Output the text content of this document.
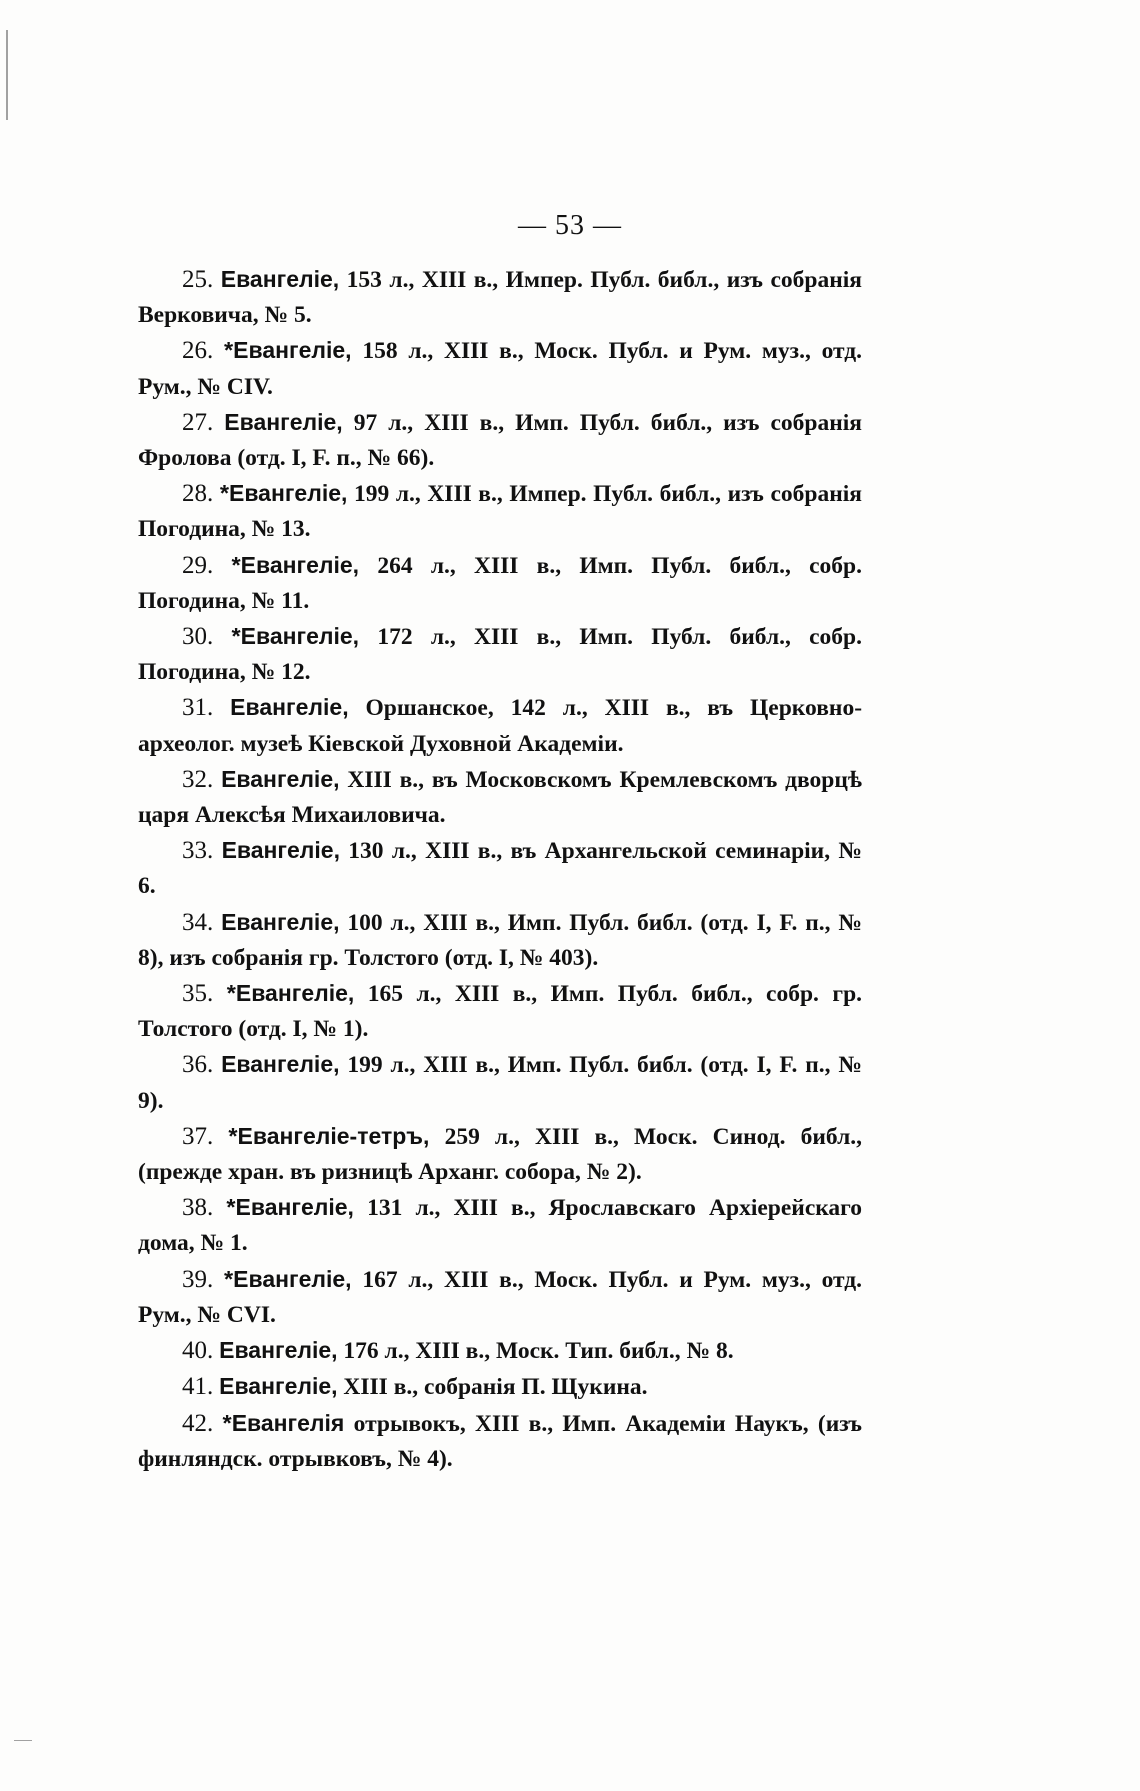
— 53 —

25. Евангеліе, 153 л., XIII в., Импер. Публ. библ., изъ собранія Верковича, № 5.

26. *Евангеліе, 158 л., XIII в., Моск. Публ. и Рум. муз., отд. Рум., № CIV.

27. Евангеліе, 97 л., XIII в., Имп. Публ. библ., изъ собранія Фролова (отд. I, F. п., № 66).

28. *Евангеліе, 199 л., XIII в., Импер. Публ. библ., изъ собранія Погодина, № 13.

29. *Евангеліе, 264 л., XIII в., Имп. Публ. библ., собр. Погодина, № 11.

30. *Евангеліе, 172 л., XIII в., Имп. Публ. библ., собр. Погодина, № 12.

31. Евангеліе, Оршанское, 142 л., XIII в., въ Церковно-археолог. музеѣ Кіевской Духовной Академіи.

32. Евангеліе, XIII в., въ Московскомъ Кремлевскомъ дворцѣ царя Алексѣя Михаиловича.

33. Евангеліе, 130 л., XIII в., въ Архангельской семинаріи, № 6.

34. Евангеліе, 100 л., XIII в., Имп. Публ. библ. (отд. I, F. п., № 8), изъ собранія гр. Толстого (отд. I, № 403).

35. *Евангеліе, 165 л., XIII в., Имп. Публ. библ., собр. гр. Толстого (отд. I, № 1).

36. Евангеліе, 199 л., XIII в., Имп. Публ. библ. (отд. I, F. п., № 9).

37. *Евангеліе-тетръ, 259 л., XIII в., Моск. Синод. библ., (прежде хран. въ ризницѣ Арханг. собора, № 2).

38. *Евангеліе, 131 л., XIII в., Ярославскаго Архіерейскаго дома, № 1.

39. *Евангеліе, 167 л., XIII в., Моск. Публ. и Рум. муз., отд. Рум., № CVI.

40. Евангеліе, 176 л., XIII в., Моск. Тип. библ., № 8.

41. Евангеліе, XIII в., собранія П. Щукина.

42. *Евангелія отрывокъ, XIII в., Имп. Академіи Наукъ, (изъ финляндск. отрывковъ, № 4).
